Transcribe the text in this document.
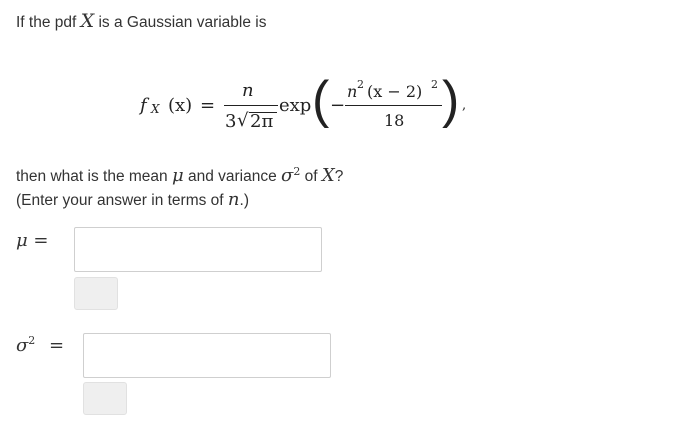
If the pdf X is a Gaussian variable is
f X (x) =
n
3 √ 2π
exp ( −
n 2 (x − 2) 2
18 ) ,
then what is the mean μ and variance $\sigma^2$ of X?
(Enter your answer in terms of n.)
μ =
$\sigma^2$ =
